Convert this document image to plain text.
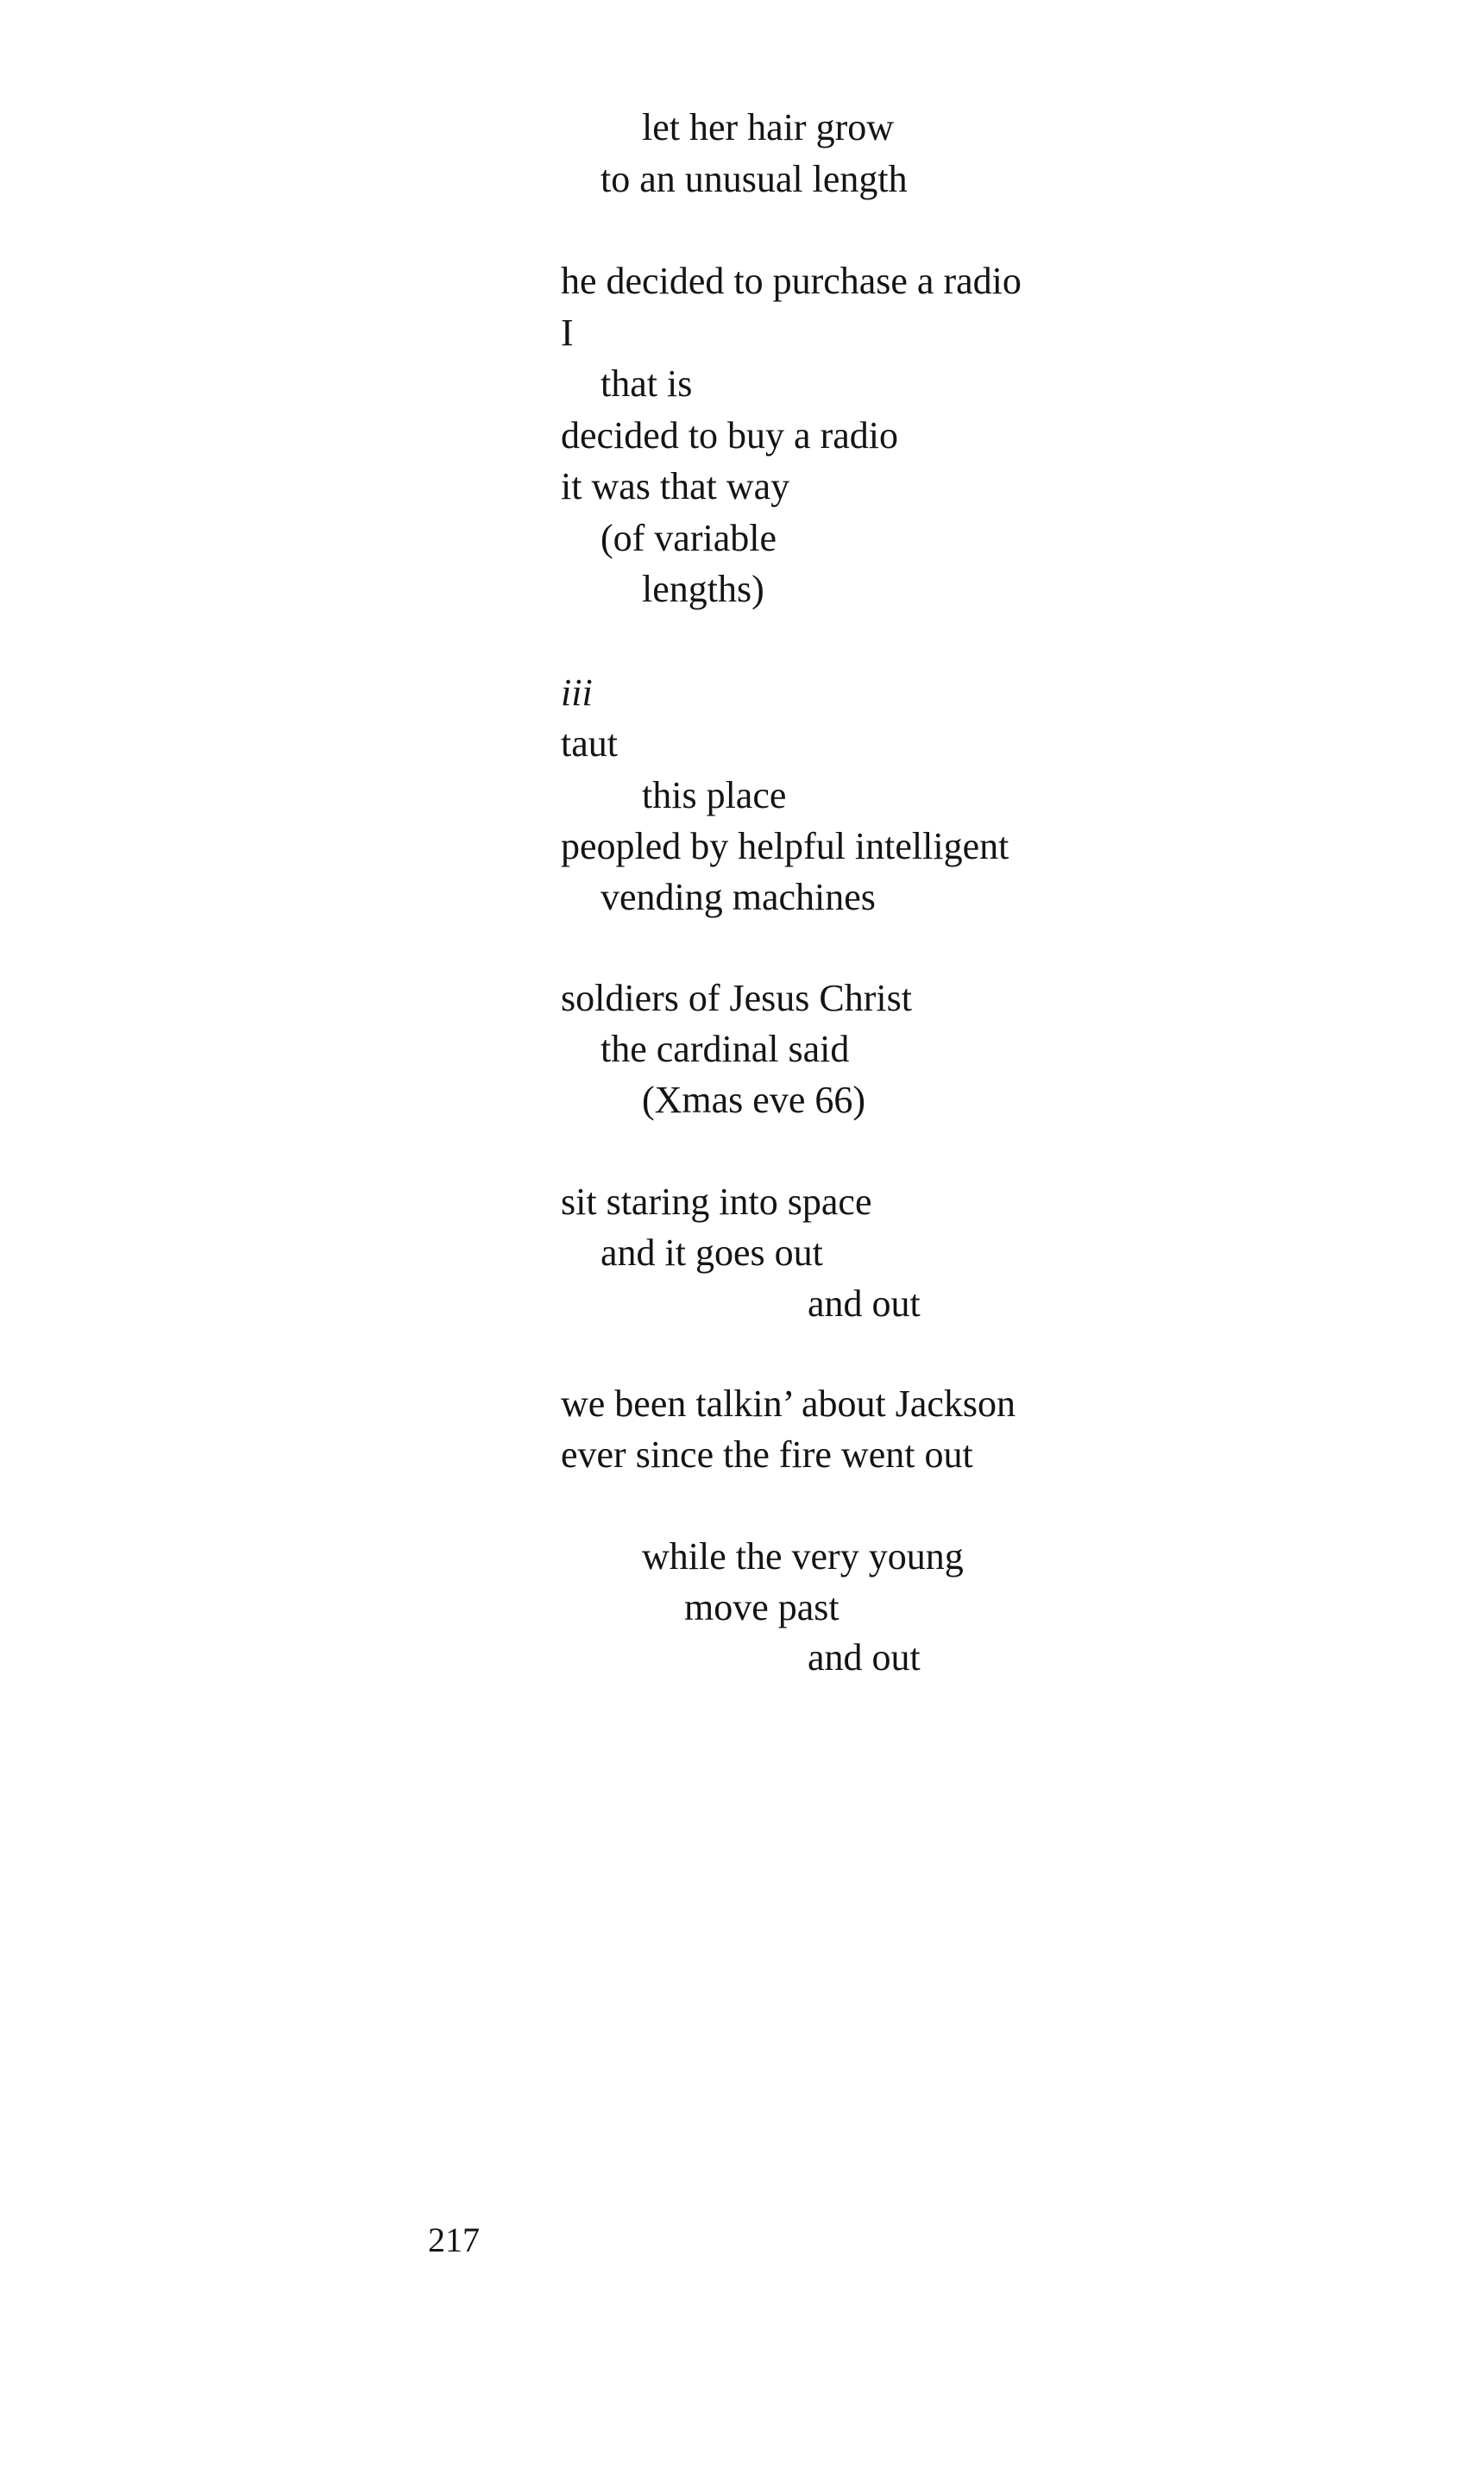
let her hair grow
to an unusual length
he decided to purchase a radio
I
that is
decided to buy a radio
it was that way
(of variable
lengths)
iii
taut
this place
peopled by helpful intelligent
vending machines
soldiers of Jesus Christ
the cardinal said
(Xmas eve 66)
sit staring into space
and it goes out
and out
we been talkin’ about Jackson
ever since the fire went out
while the very young
move past
and out
217
